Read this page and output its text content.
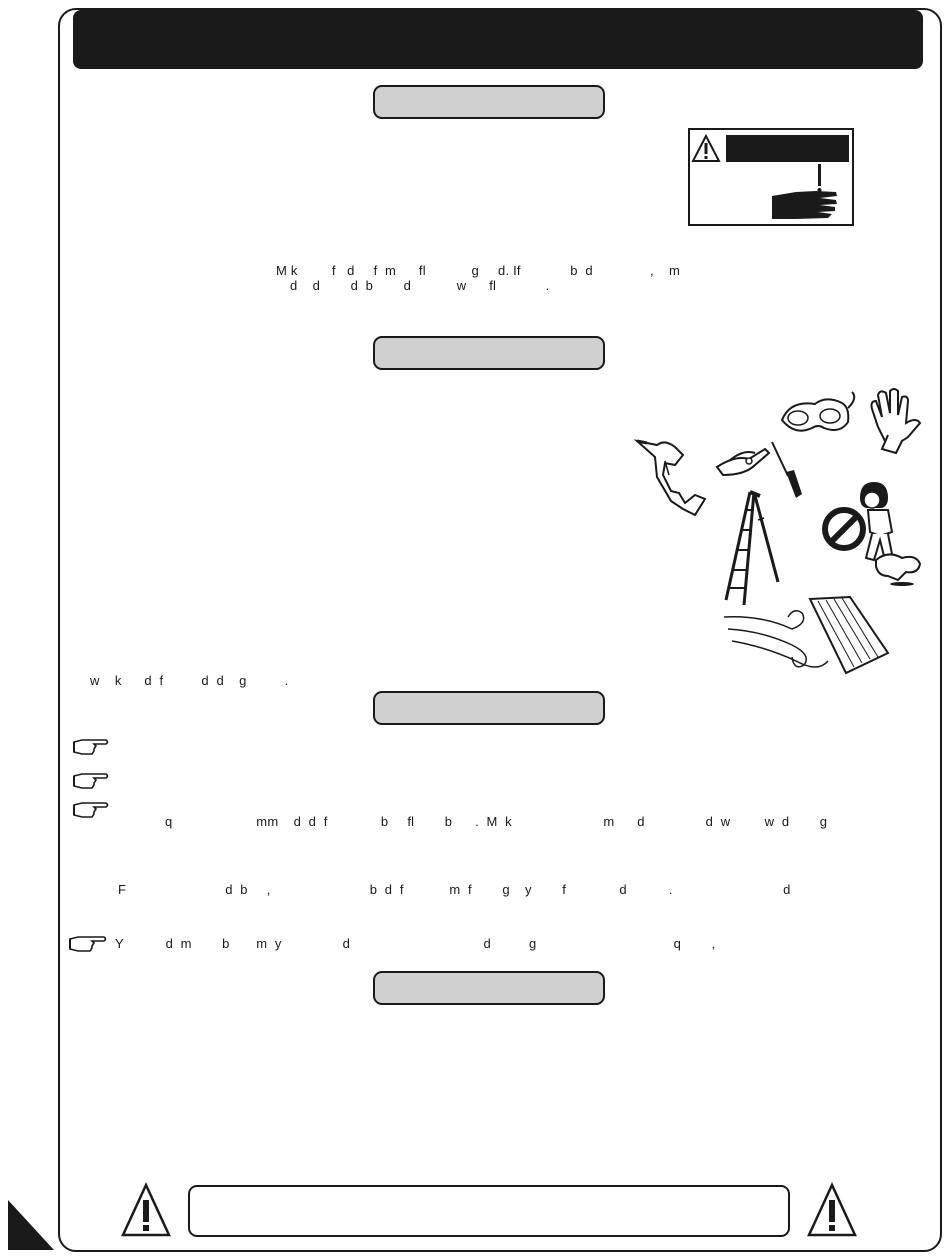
M k         f   d     f  m      fl            g     d. If             b  d               ,    m
d    d        d  b        d            w      fl             .
w    k      d  f          d  d    g          .
q                      mm    d  d  f              b     fl        b      .  M  k                        m      d                d  w         w  d        g
F                          d  b     ,                          b  d  f            m  f        g    y        f              d           .                             d
Y           d  m        b       m  y                d                                   d          g                                    q        ,
